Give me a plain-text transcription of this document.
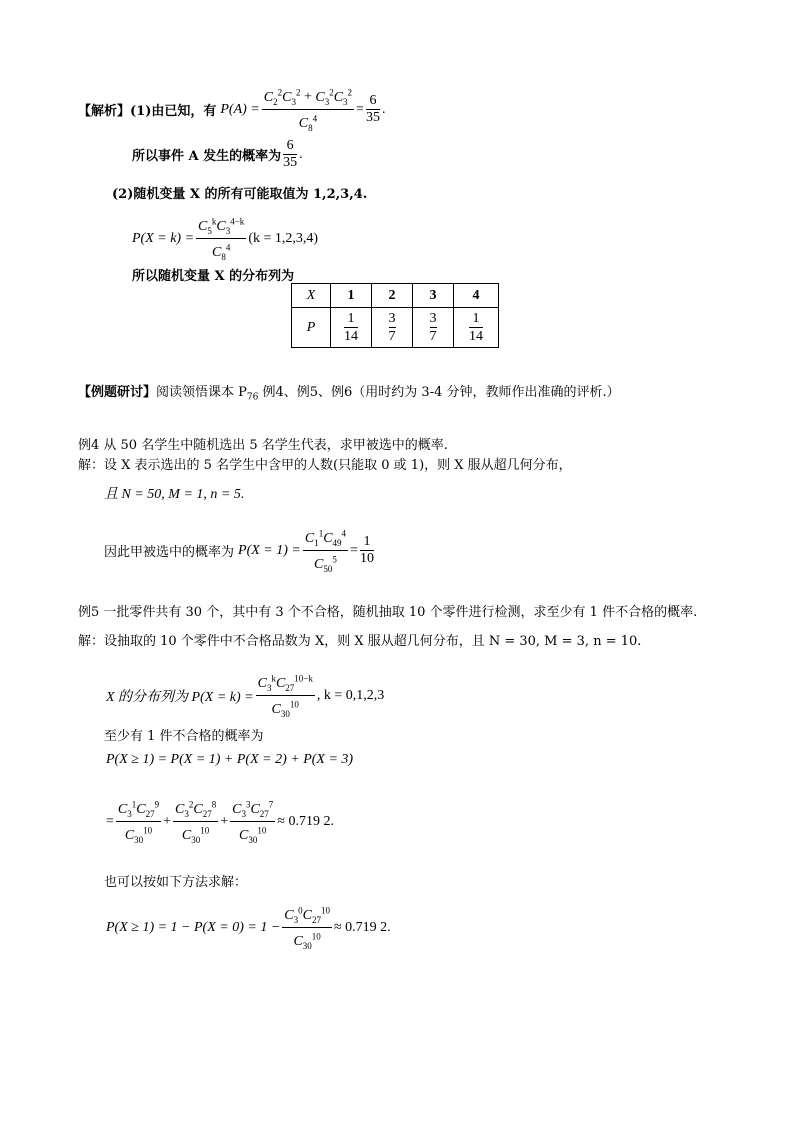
【解析】 (1)由已知，有 $P(A) = \frac{C_2^2C_3^2 + C_3^2C_3^2}{C_8^4} = \frac{6}{35}$ .
所以事件 A 发生的概率为 $\frac{6}{35}$ .
(2)随机变量 X 的所有可能取值为 1,2,3,4.
$P(X = k) = \frac{C_5^kC_3^{4-k}}{C_8^4} (k = 1,2,3,4)$
所以随机变量 X 的分布列为
X	1	2	3	4
P	$\frac{1}{14}$	$\frac{3}{7}$	$\frac{3}{7}$	$\frac{1}{14}$
【例题研讨】阅读领悟课本 $P_{76}$ 例4、例5、例6（用时约为 3-4 分钟，教师作出准确的评析.）
例4 从 50 名学生中随机选出 5 名学生代表，求甲被选中的概率.
解：设 X 表示选出的 5 名学生中含甲的人数(只能取 0 或 1)，则 X 服从超几何分布，
且 N = 50, M = 1, n = 5.
因此甲被选中的概率为 $P(X = 1) = \frac{C_1^1C_{49}^4}{C_{50}^5} = \frac{1}{10}$
例5 一批零件共有 30 个，其中有 3 个不合格，随机抽取 10 个零件进行检测，求至少有 1 件不合格的概率.
解：设抽取的 10 个零件中不合格品数为 X，则 X 服从超几何分布，且 N = 30, M = 3, n = 10.
X 的分布列为 $P(X = k) = \frac{C_3^kC_{27}^{10-k}}{C_{30}^{10}}$ , k = 0,1,2,3
至少有 1 件不合格的概率为
P(X ≥ 1) = P(X = 1) + P(X = 2) + P(X = 3)
= $\frac{C_3^1C_{27}^9}{C_{30}^{10}} + \frac{C_3^2C_{27}^8}{C_{30}^{10}} + \frac{C_3^3C_{27}^7}{C_{30}^{10}} \approx 0.719$ 2.
也可以按如下方法求解：
$P(X \ge 1) = 1 - P(X = 0) = 1 - \frac{C_3^0C_{27}^{10}}{C_{30}^{10}} \approx 0.719$ 2.
